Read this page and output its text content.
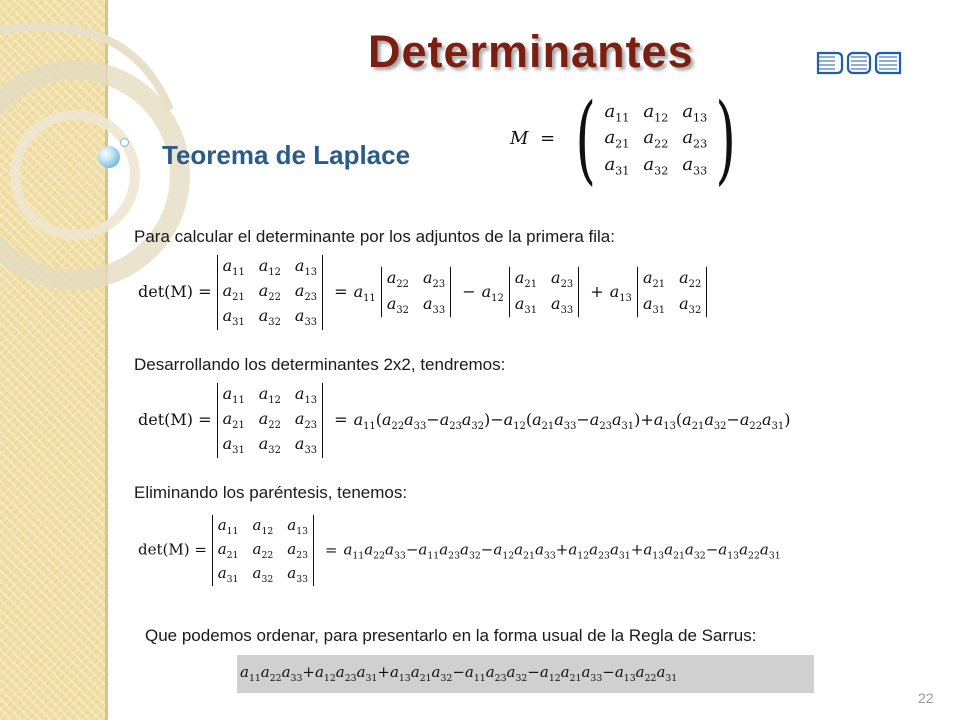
Determinantes
Teorema de Laplace
M = ( $a_{11}$ $a_{12}$ $a_{13}$
$a_{21}$ $a_{22}$ $a_{23}$
$a_{31}$ $a_{32}$ $a_{33}$ )

Para calcular el determinante por los adjuntos de la primera fila:

det(M) =
$a_{11}$ $a_{12}$ $a_{13}$
$a_{21}$ $a_{22}$ $a_{23}$
$a_{31}$ $a_{32}$ $a_{33}$
= $a_{11}$
$a_{22}$ $a_{23}$
$a_{32}$ $a_{33}$
− $a_{12}$
$a_{21}$ $a_{23}$
$a_{31}$ $a_{33}$
+ $a_{13}$
$a_{21}$ $a_{22}$
$a_{31}$ $a_{32}$

Desarrollando los determinantes 2x2, tendremos:

det(M) =
$a_{11}$ $a_{12}$ $a_{13}$
$a_{21}$ $a_{22}$ $a_{23}$
$a_{31}$ $a_{32}$ $a_{33}$
= $a_{11}(a_{22}a_{33}-a_{23}a_{32})-a_{12}(a_{21}a_{33}-a_{23}a_{31})+a_{13}(a_{21}a_{32}-a_{22}a_{31})$

Eliminando los paréntesis, tenemos:

det(M) =
$a_{11}$ $a_{12}$ $a_{13}$
$a_{21}$ $a_{22}$ $a_{23}$
$a_{31}$ $a_{32}$ $a_{33}$
= $a_{11}a_{22}a_{33}-a_{11}a_{23}a_{32}-a_{12}a_{21}a_{33}+a_{12}a_{23}a_{31}+a_{13}a_{21}a_{32}-a_{13}a_{22}a_{31}$

Que podemos ordenar, para presentarlo en la forma usual de la Regla de Sarrus:

$a_{11}a_{22}a_{33}+a_{12}a_{23}a_{31}+a_{13}a_{21}a_{32}-a_{11}a_{23}a_{32}-a_{12}a_{21}a_{33}-a_{13}a_{22}a_{31}$

22
